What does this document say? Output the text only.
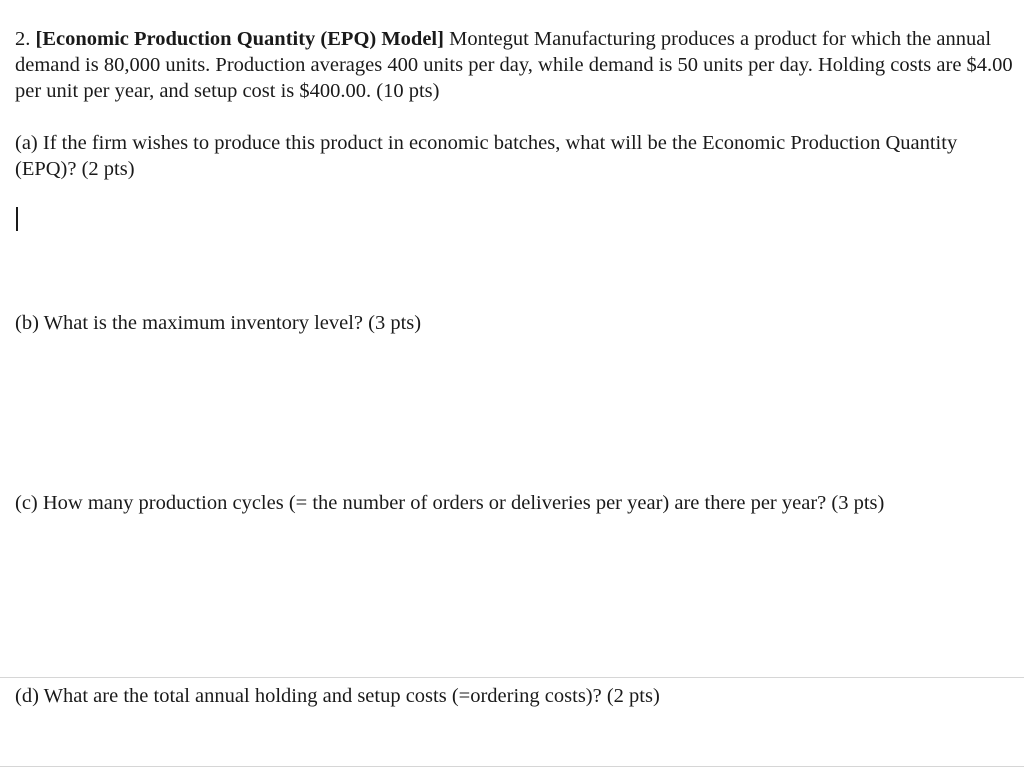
2. [Economic Production Quantity (EPQ) Model] Montegut Manufacturing produces a product for which the annual demand is 80,000 units. Production averages 400 units per day, while demand is 50 units per day. Holding costs are $4.00 per unit per year, and setup cost is $400.00. (10 pts)
(a) If the firm wishes to produce this product in economic batches, what will be the Economic Production Quantity (EPQ)? (2 pts)
(b) What is the maximum inventory level? (3 pts)
(c) How many production cycles (= the number of orders or deliveries per year) are there per year? (3 pts)
(d) What are the total annual holding and setup costs (=ordering costs)? (2 pts)
